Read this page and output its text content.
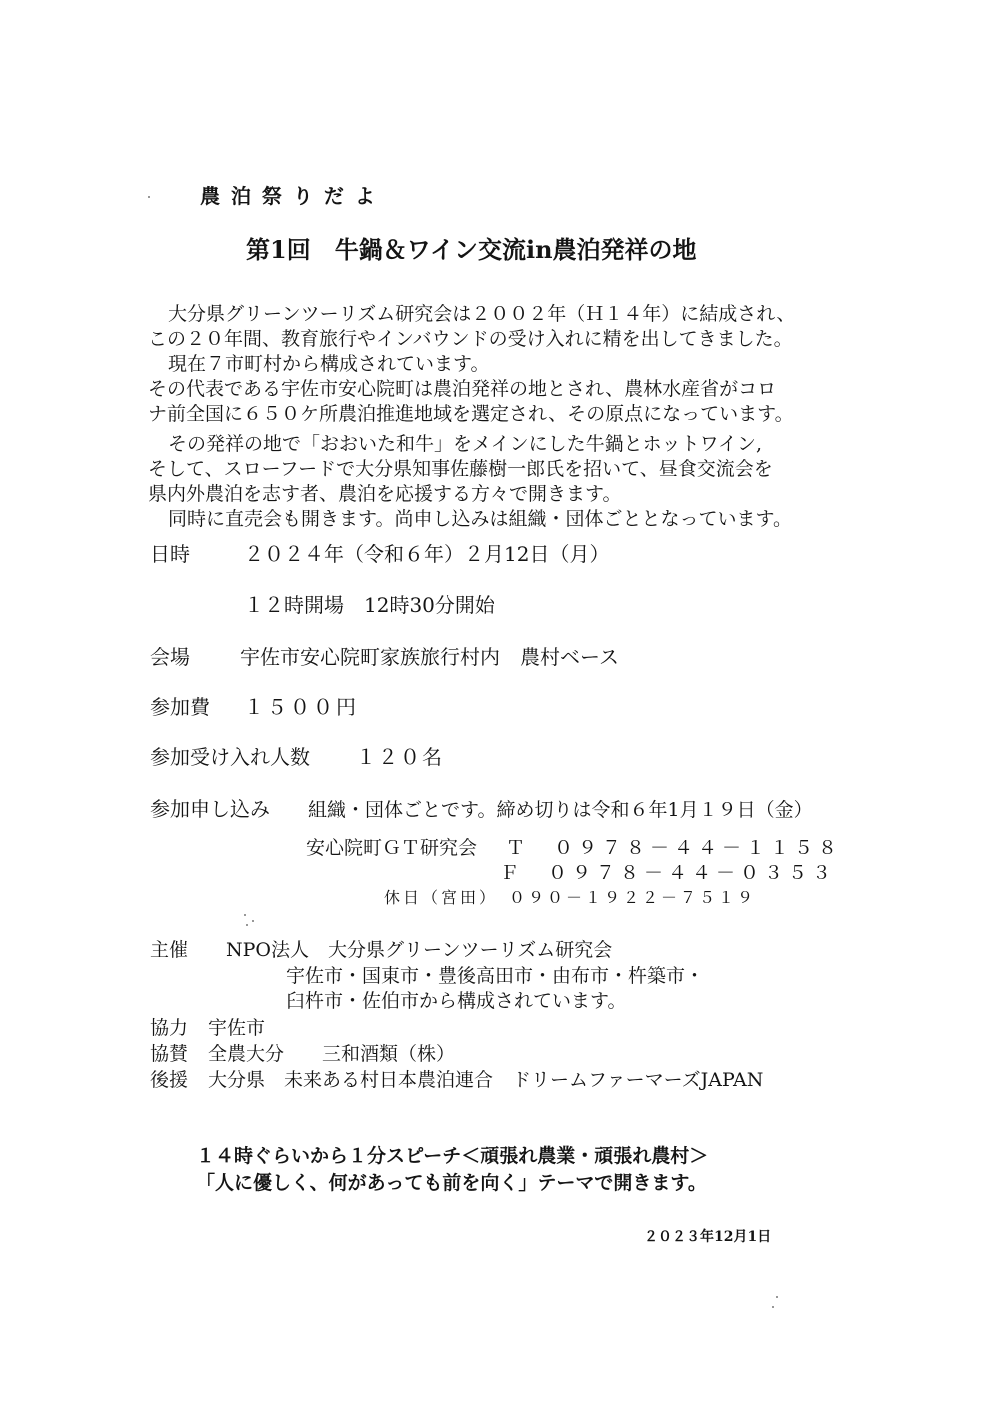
農 泊 祭 り だ よ
第1回　牛鍋＆ワイン交流in農泊発祥の地
大分県グリーンツーリズム研究会は２００２年（Ｈ１４年）に結成され、
この２０年間、教育旅行やインバウンドの受け入れに精を出してきました。
現在７市町村から構成されています。
その代表である宇佐市安心院町は農泊発祥の地とされ、農林水産省がコロ
ナ前全国に６５０ケ所農泊推進地域を選定され、その原点になっています。
その発祥の地で「おおいた和牛」をメインにした牛鍋とホットワイン,
そして、スローフードで大分県知事佐藤樹一郎氏を招いて、昼食交流会を
県内外農泊を志す者、農泊を応援する方々で開きます。
同時に直売会も開きます。尚申し込みは組織・団体ごととなっています。
日時	２０２４年（令和６年）２月12日（月）
１２時開場　12時30分開始
会場	宇佐市安心院町家族旅行村内　農村ベース
参加費 １５００円
参加受け入れ人数 １２０名
参加申し込み 組織・団体ごとです。締め切りは令和６年1月１９日（金）
安心院町ＧＴ研究会 Ｔ　０９７８－４４－１１５８
Ｆ　０９７８－４４－０３５３
休日（宮田）　０９０－１９２２－７５１９
主催 NPO法人　大分県グリーンツーリズム研究会
宇佐市・国東市・豊後高田市・由布市・杵築市・
臼杵市・佐伯市から構成されています。
協力 宇佐市
協賛 全農大分　　三和酒類（株）
後援 大分県　未来ある村日本農泊連合　ドリームファーマーズJAPAN
１４時ぐらいから１分スピーチ＜頑張れ農業・頑張れ農村＞
「人に優しく、何があっても前を向く」テーマで開きます。
２０２３年12月1日
